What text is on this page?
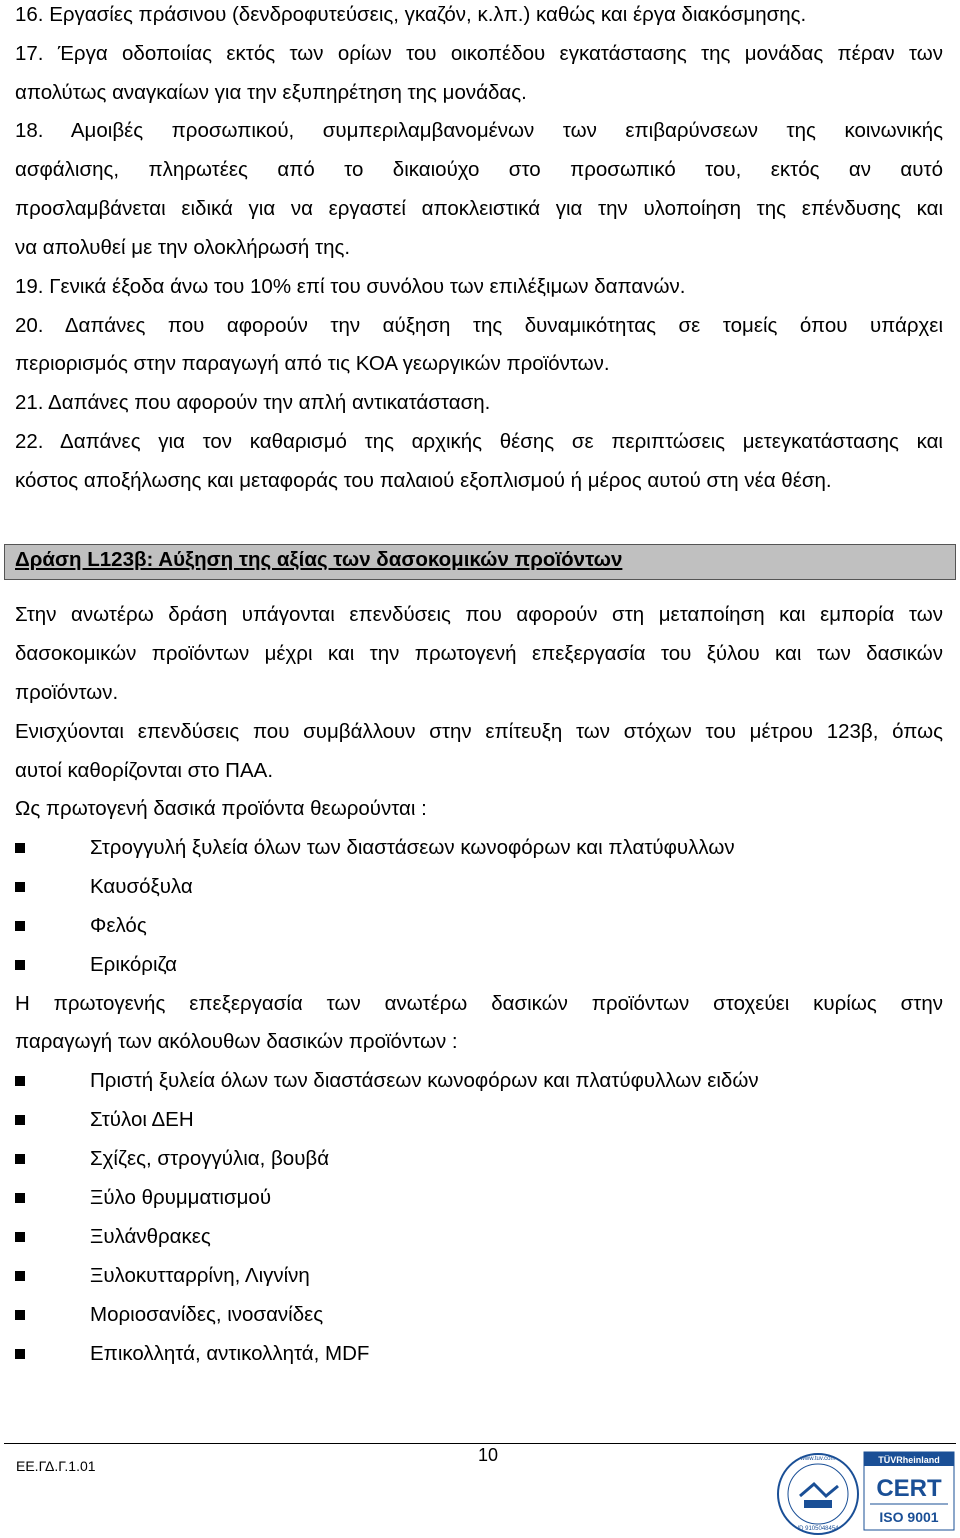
16. Εργασίες πράσινου (δενδροφυτεύσεις, γκαζόν, κ.λπ.) καθώς και έργα διακόσμησης.
17. Έργα οδοποιίας εκτός των ορίων του οικοπέδου εγκατάστασης της μονάδας πέραν των
απολύτως αναγκαίων για την εξυπηρέτηση της μονάδας.
18. Αμοιβές προσωπικού, συμπεριλαμβανομένων των επιβαρύνσεων της κοινωνικής
ασφάλισης, πληρωτέες από το δικαιούχο στο προσωπικό του, εκτός αν αυτό
προσλαμβάνεται ειδικά για να εργαστεί αποκλειστικά για την υλοποίηση της επένδυσης και
να απολυθεί με την ολοκλήρωσή της.
19. Γενικά έξοδα άνω του 10% επί του συνόλου των επιλέξιμων δαπανών.
20. Δαπάνες που αφορούν την αύξηση της δυναμικότητας σε τομείς όπου υπάρχει
περιορισμός στην παραγωγή από τις ΚΟΑ γεωργικών προϊόντων.
21. Δαπάνες που αφορούν την απλή αντικατάσταση.
22. Δαπάνες για τον καθαρισμό της αρχικής θέσης σε περιπτώσεις μετεγκατάστασης και
κόστος αποξήλωσης και μεταφοράς του παλαιού εξοπλισμού ή μέρος αυτού στη νέα θέση.
Δράση L123β: Αύξηση της αξίας των δασοκομικών προϊόντων
Στην ανωτέρω δράση υπάγονται επενδύσεις που αφορούν στη μεταποίηση και εμπορία των
δασοκομικών προϊόντων μέχρι και την πρωτογενή επεξεργασία του ξύλου και των δασικών
προϊόντων.
Ενισχύονται επενδύσεις που συμβάλλουν στην επίτευξη των στόχων του μέτρου 123β, όπως
αυτοί καθορίζονται στο ΠΑΑ.
Ως πρωτογενή δασικά προϊόντα θεωρούνται :
Στρογγυλή ξυλεία όλων των διαστάσεων κωνοφόρων και πλατύφυλλων
Καυσόξυλα
Φελός
Ερικόριζα
Η πρωτογενής επεξεργασία των ανωτέρω δασικών προϊόντων στοχεύει κυρίως στην
παραγωγή των ακόλουθων δασικών προϊόντων :
Πριστή ξυλεία όλων των διαστάσεων κωνοφόρων και πλατύφυλλων ειδών
Στύλοι ΔΕΗ
Σχίζες, στρογγύλια, βουβά
Ξύλο θρυμματισμού
Ξυλάνθρακες
Ξυλοκυτταρρίνη, Λιγνίνη
Μοριοσανίδες, ινοσανίδες
Επικολλητά, αντικολλητά, MDF
10
ΕΕ.ΓΔ.Γ.1.01	www.tuv.com
ID 9105048454
TÜVRheinland
CERT
ISO 9001
